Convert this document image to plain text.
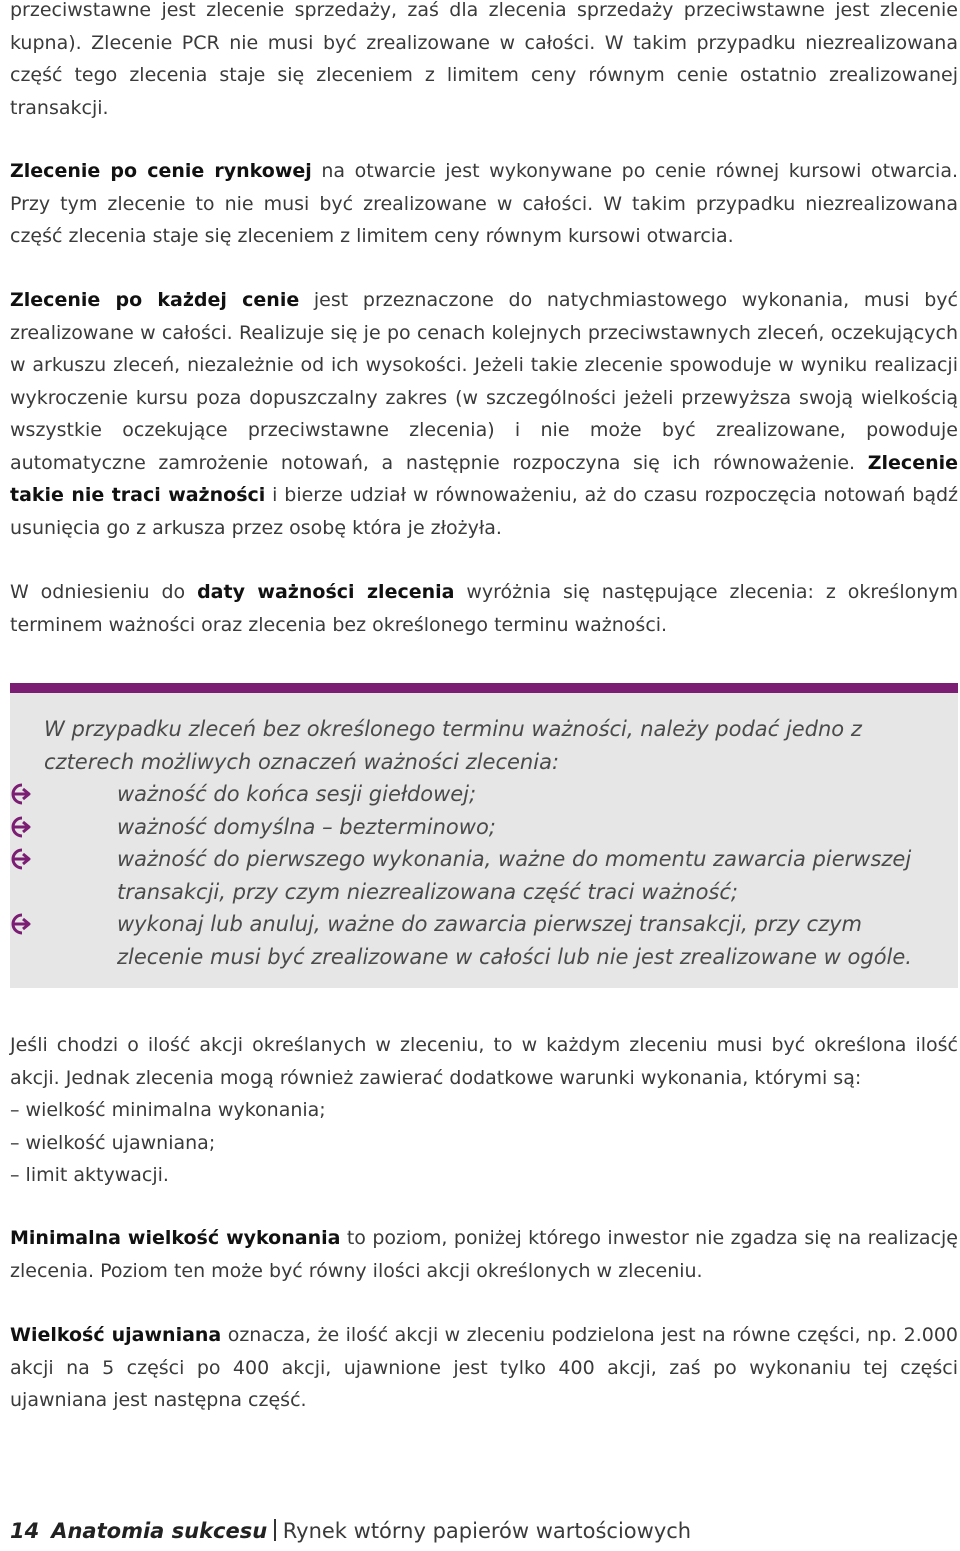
przeciwstawne jest zlecenie sprzedaży, zaś dla zlecenia sprzedaży przeciwstawne jest zlecenie kupna). Zlecenie PCR nie musi być zrealizowane w całości. W takim przypadku niezrealizowana część tego zlecenia staje się zleceniem z limitem ceny równym cenie ostatnio zrealizowanej transakcji.

Zlecenie po cenie rynkowej na otwarcie jest wykonywane po cenie równej kursowi otwarcia. Przy tym zlecenie to nie musi być zrealizowane w całości. W takim przypadku niezrealizowana część zlecenia staje się zleceniem z limitem ceny równym kursowi otwarcia.

Zlecenie po każdej cenie jest przeznaczone do natychmiastowego wykonania, musi być zrealizowane w całości. Realizuje się je po cenach kolejnych przeciwstawnych zleceń, oczekujących w arkuszu zleceń, niezależnie od ich wysokości. Jeżeli takie zlecenie spowoduje w wyniku realizacji wykroczenie kursu poza dopuszczalny zakres (w szczególności jeżeli przewyższa swoją wielkością wszystkie oczekujące przeciwstawne zlecenia) i nie może być zrealizowane, powoduje automatyczne zamrożenie notowań, a następnie rozpoczyna się ich równoważenie. Zlecenie takie nie traci ważności i bierze udział w równoważeniu, aż do czasu rozpoczęcia notowań bądź usunięcia go z arkusza przez osobę która je złożyła.

W odniesieniu do daty ważności zlecenia wyróżnia się następujące zlecenia: z określonym terminem ważności oraz zlecenia bez określonego terminu ważności.

W przypadku zleceń bez określonego terminu ważności, należy podać jedno z czterech możliwych oznaczeń ważności zlecenia:

ważność do końca sesji giełdowej;
ważność domyślna – bezterminowo;
ważność do pierwszego wykonania, ważne do momentu zawarcia pierwszej transakcji, przy czym niezrealizowana część traci ważność;
wykonaj lub anuluj, ważne do zawarcia pierwszej transakcji, przy czym zlecenie musi być zrealizowane w całości lub nie jest zrealizowane w ogóle.

Jeśli chodzi o ilość akcji określanych w zleceniu, to w każdym zleceniu musi być określona ilość akcji. Jednak zlecenia mogą również zawierać dodatkowe warunki wykonania, którymi są:

– wielkość minimalna wykonania;
– wielkość ujawniana;
– limit aktywacji.

Minimalna wielkość wykonania to poziom, poniżej którego inwestor nie zgadza się na realizację zlecenia. Poziom ten może być równy ilości akcji określonych w zleceniu.

Wielkość ujawniana oznacza, że ilość akcji w zleceniu podzielona jest na równe części, np. 2.000 akcji na 5 części po 400 akcji, ujawnione jest tylko 400 akcji, zaś po wykonaniu tej części ujawniana jest następna część.

14 Anatomia sukcesu Rynek wtórny papierów wartościowych
